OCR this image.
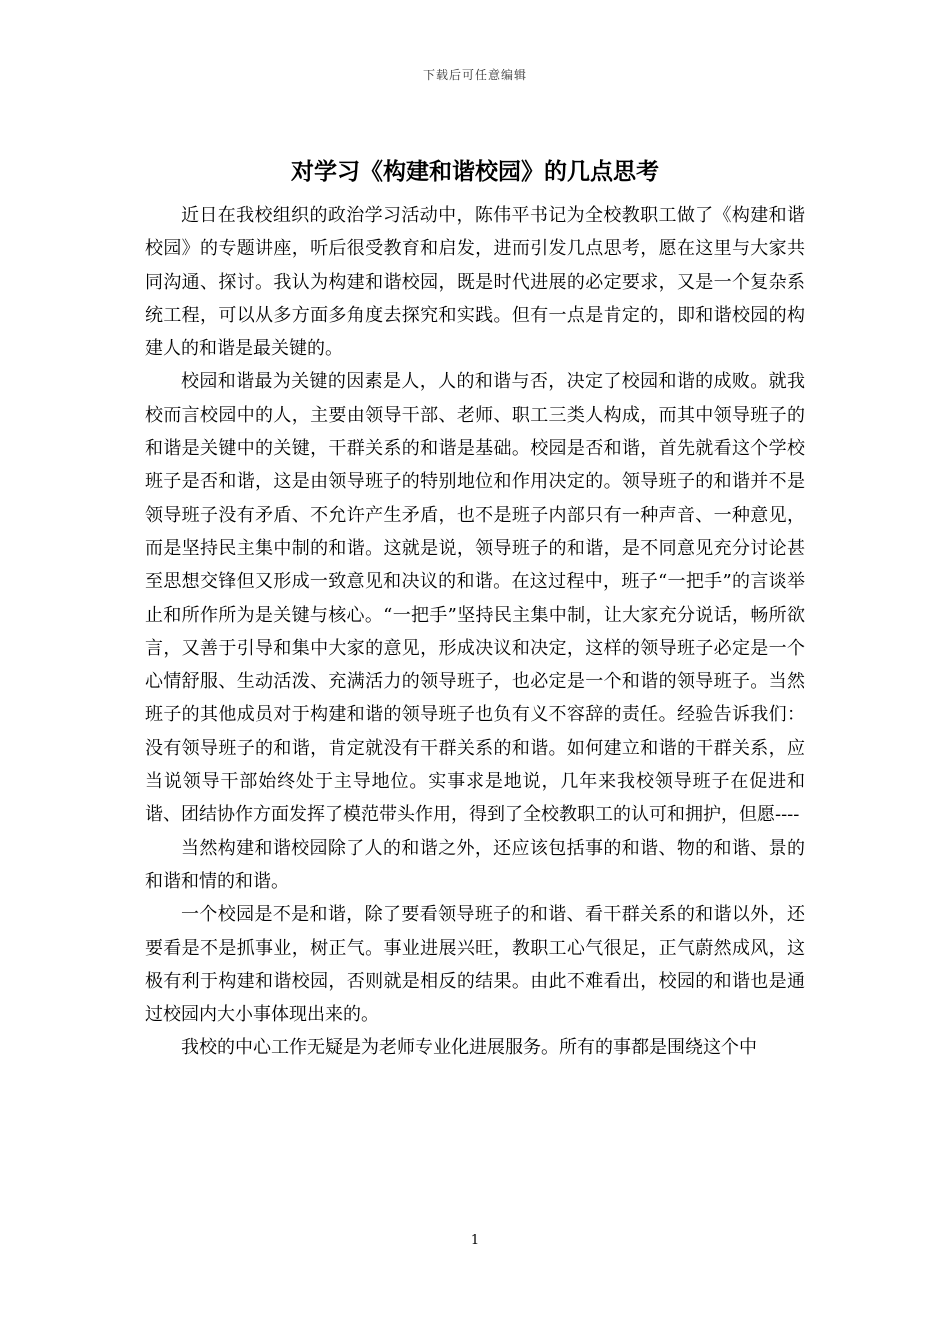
下载后可任意编辑
对学习《构建和谐校园》的几点思考

近日在我校组织的政治学习活动中，陈伟平书记为全校教职工做了《构建和谐校园》的专题讲座，听后很受教育和启发，进而引发几点思考，愿在这里与大家共同沟通、探讨。我认为构建和谐校园，既是时代进展的必定要求，又是一个复杂系统工程，可以从多方面多角度去探究和实践。但有一点是肯定的，即和谐校园的构建人的和谐是最关键的。

校园和谐最为关键的因素是人，人的和谐与否，决定了校园和谐的成败。就我校而言校园中的人，主要由领导干部、老师、职工三类人构成，而其中领导班子的和谐是关键中的关键，干群关系的和谐是基础。校园是否和谐，首先就看这个学校班子是否和谐，这是由领导班子的特别地位和作用决定的。领导班子的和谐并不是领导班子没有矛盾、不允许产生矛盾，也不是班子内部只有一种声音、一种意见，而是坚持民主集中制的和谐。这就是说，领导班子的和谐，是不同意见充分讨论甚至思想交锋但又形成一致意见和决议的和谐。在这过程中，班子“一把手”的言谈举止和所作所为是关键与核心。“一把手”坚持民主集中制，让大家充分说话，畅所欲言，又善于引导和集中大家的意见，形成决议和决定，这样的领导班子必定是一个心情舒服、生动活泼、充满活力的领导班子，也必定是一个和谐的领导班子。当然班子的其他成员对于构建和谐的领导班子也负有义不容辞的责任。经验告诉我们：没有领导班子的和谐，肯定就没有干群关系的和谐。如何建立和谐的干群关系，应当说领导干部始终处于主导地位。实事求是地说，几年来我校领导班子在促进和谐、团结协作方面发挥了模范带头作用，得到了全校教职工的认可和拥护，但愿----

当然构建和谐校园除了人的和谐之外，还应该包括事的和谐、物的和谐、景的和谐和情的和谐。

一个校园是不是和谐，除了要看领导班子的和谐、看干群关系的和谐以外，还要看是不是抓事业，树正气。事业进展兴旺，教职工心气很足，正气蔚然成风，这极有利于构建和谐校园，否则就是相反的结果。由此不难看出，校园的和谐也是通过校园内大小事体现出来的。

我校的中心工作无疑是为老师专业化进展服务。所有的事都是围绕这个中

1
